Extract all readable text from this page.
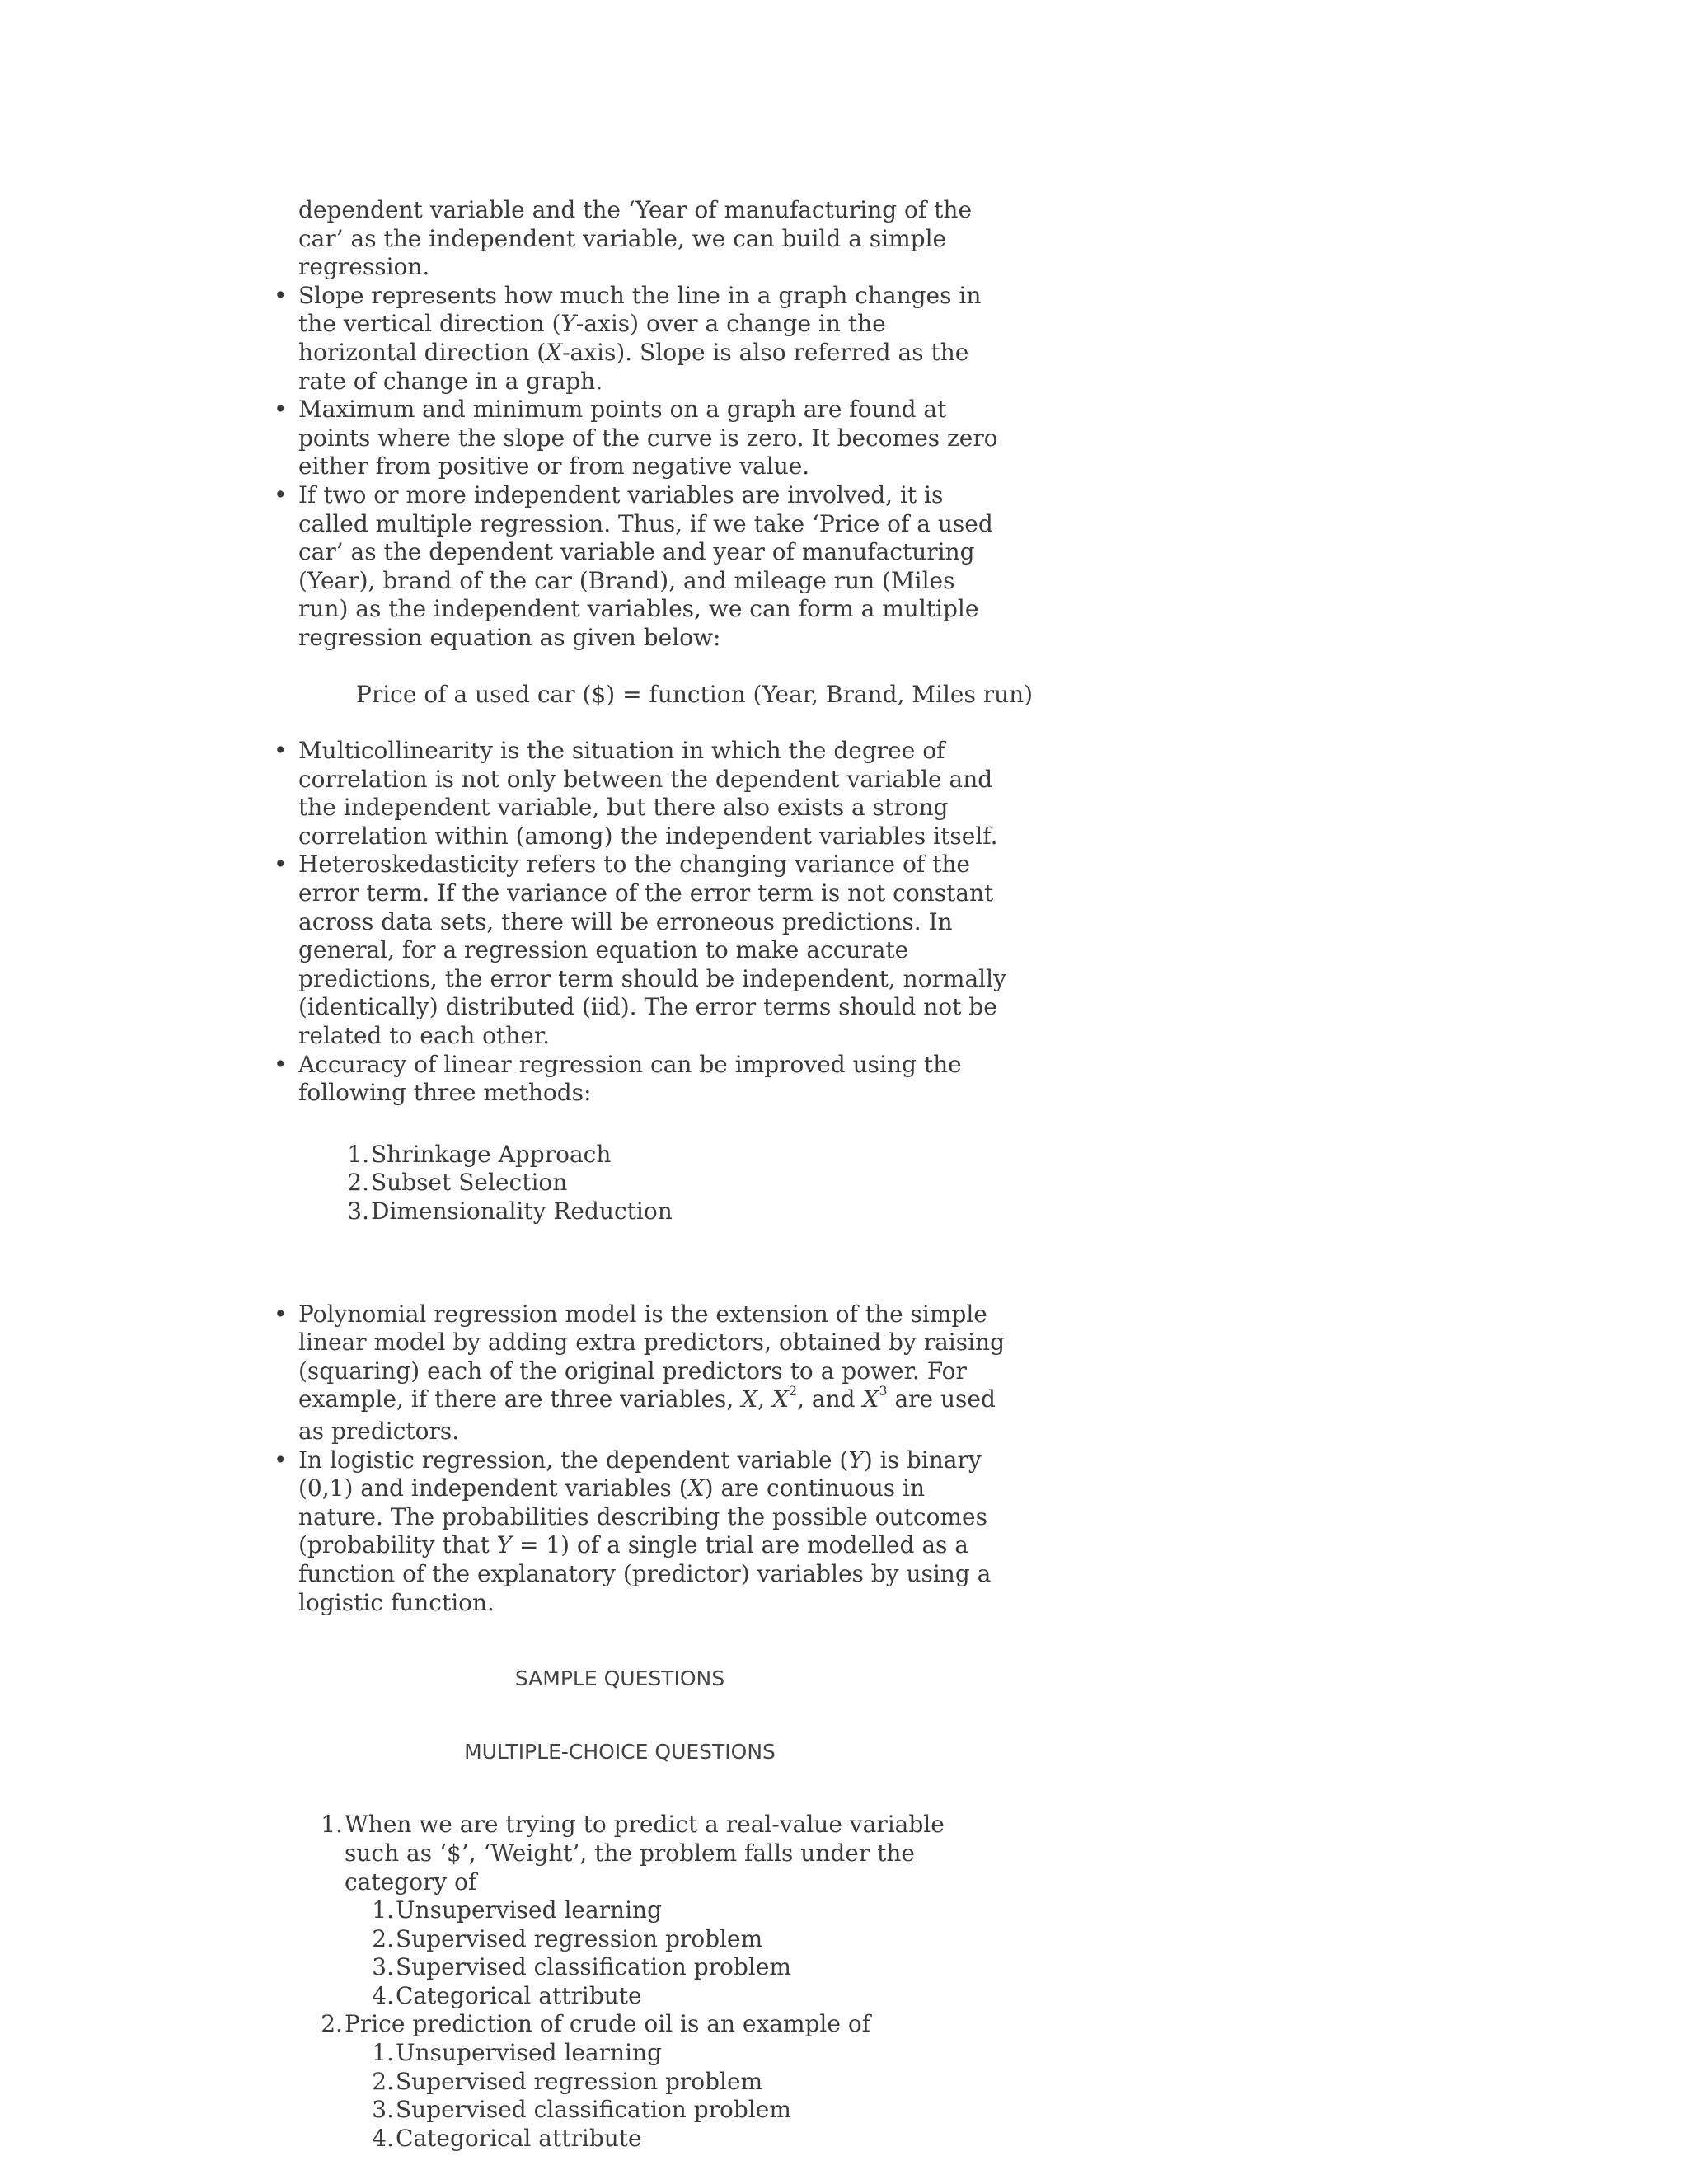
dependent variable and the ‘Year of manufacturing of the car’ as the independent variable, we can build a simple regression.
• Slope represents how much the line in a graph changes in the vertical direction (Y-axis) over a change in the horizontal direction (X-axis). Slope is also referred as the rate of change in a graph.
• Maximum and minimum points on a graph are found at points where the slope of the curve is zero. It becomes zero either from positive or from negative value.
• If two or more independent variables are involved, it is called multiple regression. Thus, if we take ‘Price of a used car’ as the dependent variable and year of manufacturing (Year), brand of the car (Brand), and mileage run (Miles run) as the independent variables, we can form a multiple regression equation as given below:
Price of a used car ($) = function (Year, Brand, Miles run)
• Multicollinearity is the situation in which the degree of correlation is not only between the dependent variable and the independent variable, but there also exists a strong correlation within (among) the independent variables itself.
• Heteroskedasticity refers to the changing variance of the error term. If the variance of the error term is not constant across data sets, there will be erroneous predictions. In general, for a regression equation to make accurate predictions, the error term should be independent, normally (identically) distributed (iid). The error terms should not be related to each other.
• Accuracy of linear regression can be improved using the following three methods:
1. Shrinkage Approach
2. Subset Selection
3. Dimensionality Reduction
• Polynomial regression model is the extension of the simple linear model by adding extra predictors, obtained by raising (squaring) each of the original predictors to a power. For example, if there are three variables, X, $X^2$, and $X^3$ are used as predictors.
• In logistic regression, the dependent variable (Y) is binary (0,1) and independent variables (X) are continuous in nature. The probabilities describing the possible outcomes (probability that Y = 1) of a single trial are modelled as a function of the explanatory (predictor) variables by using a logistic function.
SAMPLE QUESTIONS
MULTIPLE-CHOICE QUESTIONS
1. When we are trying to predict a real-value variable such as ‘$’, ‘Weight’, the problem falls under the category of
1. Unsupervised learning
2. Supervised regression problem
3. Supervised classification problem
4. Categorical attribute
2. Price prediction of crude oil is an example of
1. Unsupervised learning
2. Supervised regression problem
3. Supervised classification problem
4. Categorical attribute
